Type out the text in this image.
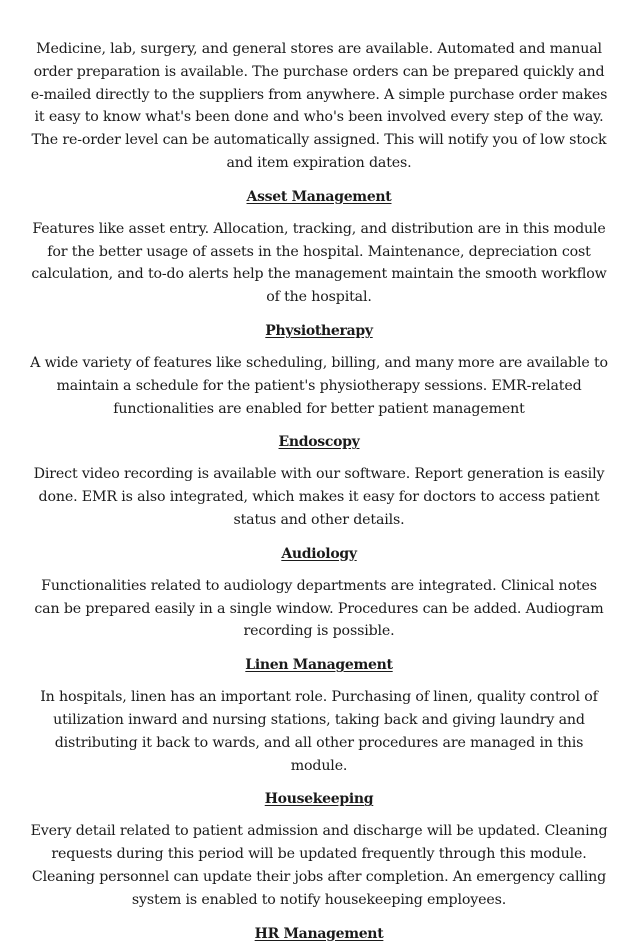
Medicine, lab, surgery, and general stores are available. Automated and manual order preparation is available. The purchase orders can be prepared quickly and e-mailed directly to the suppliers from anywhere. A simple purchase order makes it easy to know what's been done and who's been involved every step of the way. The re-order level can be automatically assigned. This will notify you of low stock and item expiration dates.

Asset Management

Features like asset entry. Allocation, tracking, and distribution are in this module for the better usage of assets in the hospital. Maintenance, depreciation cost calculation, and to-do alerts help the management maintain the smooth workflow of the hospital.

Physiotherapy

A wide variety of features like scheduling, billing, and many more are available to maintain a schedule for the patient's physiotherapy sessions. EMR-related functionalities are enabled for better patient management

Endoscopy

Direct video recording is available with our software. Report generation is easily done. EMR is also integrated, which makes it easy for doctors to access patient status and other details.

Audiology

Functionalities related to audiology departments are integrated. Clinical notes can be prepared easily in a single window. Procedures can be added. Audiogram recording is possible.

Linen Management

In hospitals, linen has an important role. Purchasing of linen, quality control of utilization inward and nursing stations, taking back and giving laundry and distributing it back to wards, and all other procedures are managed in this module.

Housekeeping

Every detail related to patient admission and discharge will be updated. Cleaning requests during this period will be updated frequently through this module. Cleaning personnel can update their jobs after completion. An emergency calling system is enabled to notify housekeeping employees.

HR Management
